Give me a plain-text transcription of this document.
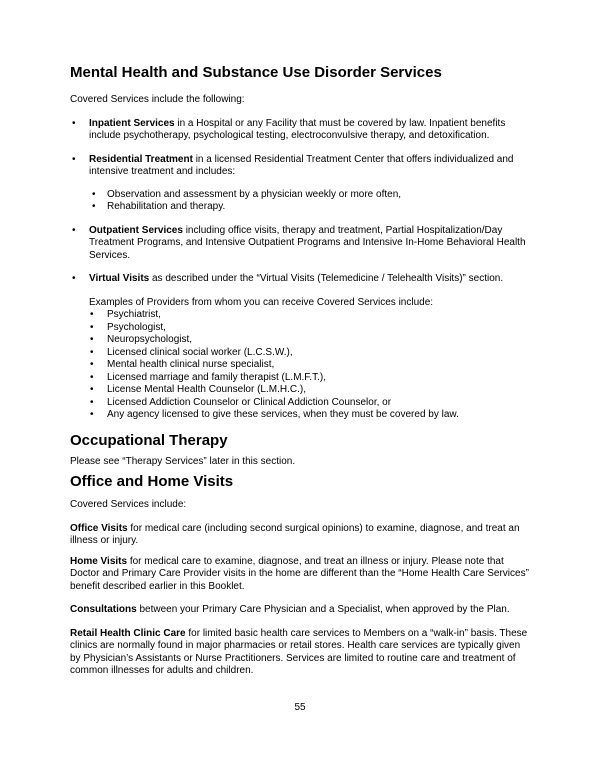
Mental Health and Substance Use Disorder Services

Covered Services include the following:

•	Inpatient Services in a Hospital or any Facility that must be covered by law. Inpatient benefits include psychotherapy, psychological testing, electroconvulsive therapy, and detoxification.
•	Residential Treatment in a licensed Residential Treatment Center that offers individualized and intensive treatment and includes:
•	Observation and assessment by a physician weekly or more often,
•	Rehabilitation and therapy.
•	Outpatient Services including office visits, therapy and treatment, Partial Hospitalization/Day Treatment Programs, and Intensive Outpatient Programs and Intensive In-Home Behavioral Health Services.
•	Virtual Visits as described under the “Virtual Visits (Telemedicine / Telehealth Visits)” section.

Examples of Providers from whom you can receive Covered Services include:

•	Psychiatrist,
•	Psychologist,
•	Neuropsychologist,
•	Licensed clinical social worker (L.C.S.W.),
•	Mental health clinical nurse specialist,
•	Licensed marriage and family therapist (L.M.F.T.),
•	License Mental Health Counselor (L.M.H.C.),
•	Licensed Addiction Counselor or Clinical Addiction Counselor, or
•	Any agency licensed to give these services, when they must be covered by law.
Occupational Therapy

Please see “Therapy Services” later in this section.

Office and Home Visits

Covered Services include:

Office Visits for medical care (including second surgical opinions) to examine, diagnose, and treat an illness or injury.

Home Visits for medical care to examine, diagnose, and treat an illness or injury. Please note that Doctor and Primary Care Provider visits in the home are different than the “Home Health Care Services” benefit described earlier in this Booklet.

Consultations between your Primary Care Physician and a Specialist, when approved by the Plan.

Retail Health Clinic Care for limited basic health care services to Members on a “walk-in” basis. These clinics are normally found in major pharmacies or retail stores. Health care services are typically given by Physician’s Assistants or Nurse Practitioners. Services are limited to routine care and treatment of common illnesses for adults and children.

55
